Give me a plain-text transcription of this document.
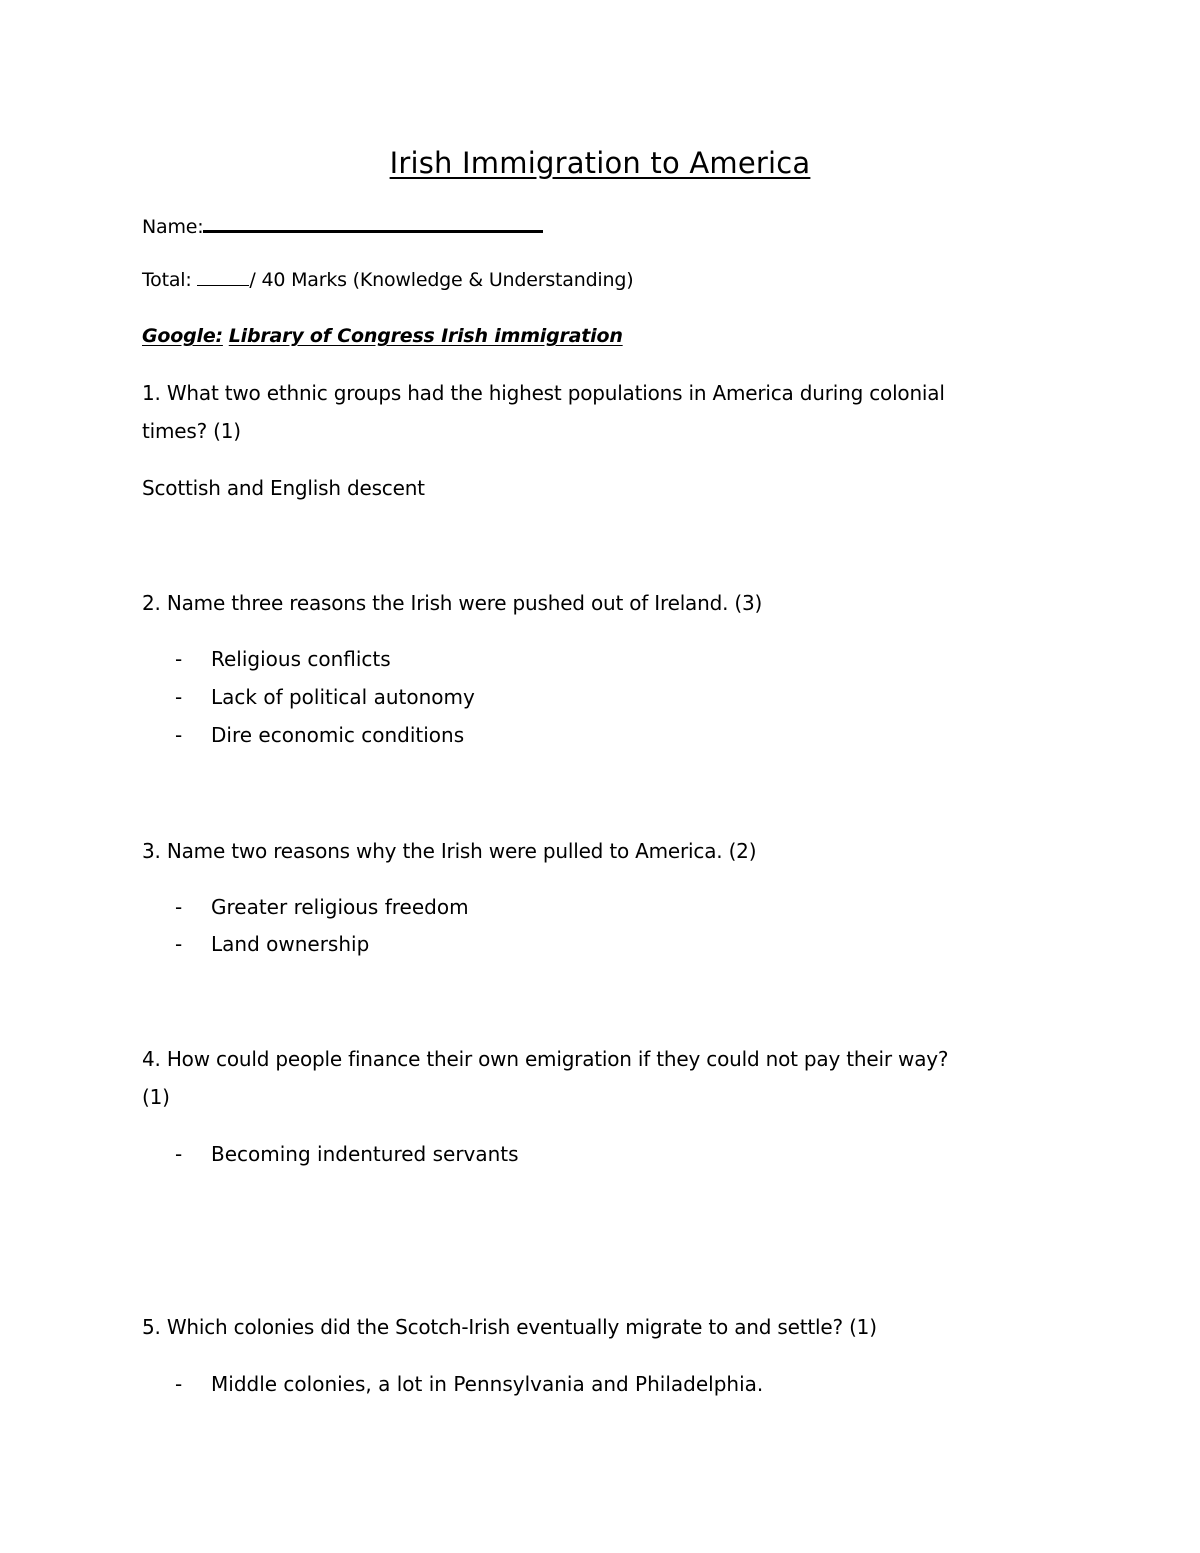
Irish Immigration to America
Name:
Total:	/ 40 Marks (Knowledge & Understanding)
Google: Library of Congress Irish immigration
1. What two ethnic groups had the highest populations in America during colonial
times? (1)
Scottish and English descent
2. Name three reasons the Irish were pushed out of Ireland. (3)
- Religious conflicts
- Lack of political autonomy
- Dire economic conditions
3. Name two reasons why the Irish were pulled to America. (2)
- Greater religious freedom
- Land ownership
4. How could people finance their own emigration if they could not pay their way?
(1)
- Becoming indentured servants
5. Which colonies did the Scotch-Irish eventually migrate to and settle? (1)
- Middle colonies, a lot in Pennsylvania and Philadelphia.
